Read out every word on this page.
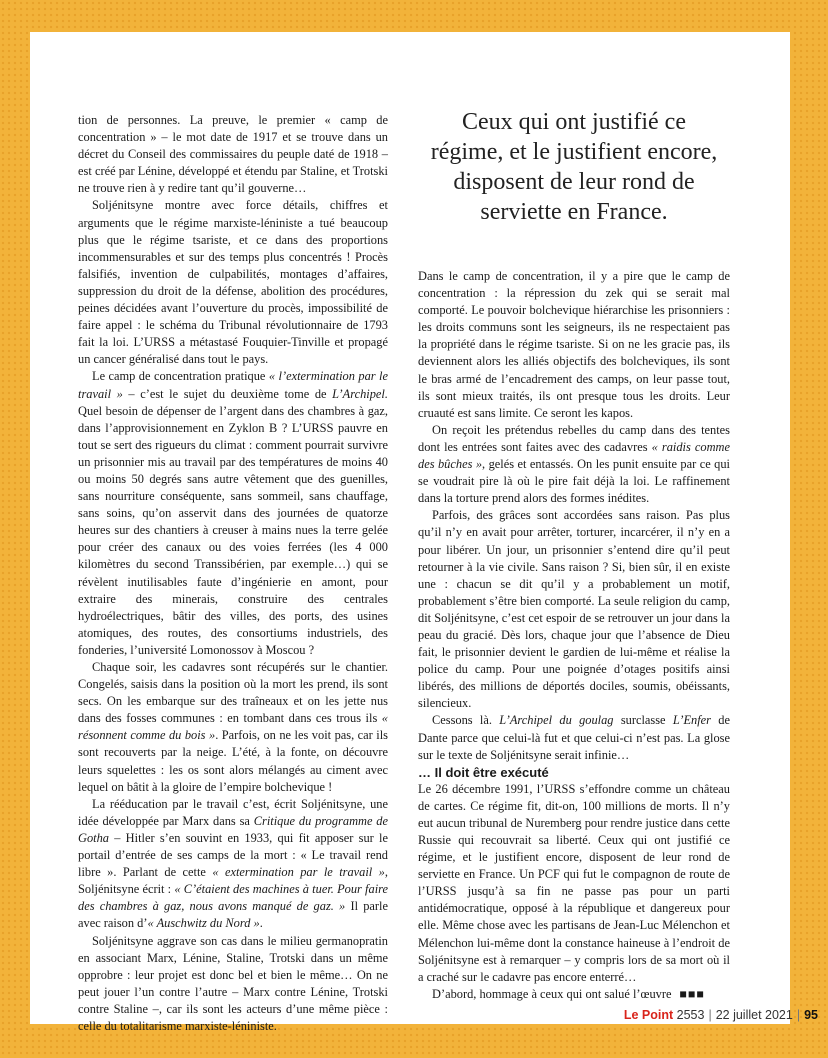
tion de personnes. La preuve, le premier « camp de concentration » – le mot date de 1917 et se trouve dans un décret du Conseil des commissaires du peuple daté de 1918 – est créé par Lénine, développé et étendu par Staline, et Trotski ne trouve rien à y redire tant qu’il gouverne…

Soljénitsyne montre avec force détails, chiffres et arguments que le régime marxiste-léniniste a tué beaucoup plus que le régime tsariste, et ce dans des proportions incommensurables et sur des temps plus concentrés ! Procès falsifiés, invention de culpabilités, montages d’affaires, suppression du droit de la défense, abolition des procédures, peines décidées avant l’ouverture du procès, impossibilité de faire appel : le schéma du Tribunal révolutionnaire de 1793 fait la loi. L’URSS a métastasé Fouquier-Tinville et propagé un cancer généralisé dans tout le pays.

Le camp de concentration pratique « l’extermination par le travail » – c’est le sujet du deuxième tome de L’Archipel. Quel besoin de dépenser de l’argent dans des chambres à gaz, dans l’approvisionnement en Zyklon B ? L’URSS pauvre en tout se sert des rigueurs du climat : comment pourrait survivre un prisonnier mis au travail par des températures de moins 40 ou moins 50 degrés sans autre vêtement que des guenilles, sans nourriture conséquente, sans sommeil, sans chauffage, sans soins, qu’on asservit dans des journées de quatorze heures sur des chantiers à creuser à mains nues la terre gelée pour créer des canaux ou des voies ferrées (les 4 000 kilomètres du second Transsibérien, par exemple…) qui se révèlent inutilisables faute d’ingénierie en amont, pour extraire des minerais, construire des centrales hydroélectriques, bâtir des villes, des ports, des usines atomiques, des routes, des consortiums industriels, des fonderies, l’université Lomonossov à Moscou ?

Chaque soir, les cadavres sont récupérés sur le chantier. Congelés, saisis dans la position où la mort les prend, ils sont secs. On les embarque sur des traîneaux et on les jette nus dans des fosses communes : en tombant dans ces trous ils « résonnent comme du bois ». Parfois, on ne les voit pas, car ils sont recouverts par la neige. L’été, à la fonte, on découvre leurs squelettes : les os sont alors mélangés au ciment avec lequel on bâtit à la gloire de l’empire bolchevique !

La rééducation par le travail c’est, écrit Soljénitsyne, une idée développée par Marx dans sa Critique du programme de Gotha – Hitler s’en souvint en 1933, qui fit apposer sur le portail d’entrée de ses camps de la mort : « Le travail rend libre ». Parlant de cette « extermination par le travail », Soljénitsyne écrit : « C’étaient des machines à tuer. Pour faire des chambres à gaz, nous avons manqué de gaz. » Il parle avec raison d’« Auschwitz du Nord ».

Soljénitsyne aggrave son cas dans le milieu germanopratin en associant Marx, Lénine, Staline, Trotski dans un même opprobre : leur projet est donc bel et bien le même… On ne peut jouer l’un contre l’autre – Marx contre Lénine, Trotski contre Staline –, car ils sont les acteurs d’une même pièce : celle du totalitarisme marxiste-léniniste.

Ceux qui ont justifié ce régime, et le justifient encore, disposent de leur rond de serviette en France.

Dans le camp de concentration, il y a pire que le camp de concentration : la répression du zek qui se serait mal comporté. Le pouvoir bolchevique hiérarchise les prisonniers : les droits communs sont les seigneurs, ils ne respectaient pas la propriété dans le régime tsariste. Si on ne les gracie pas, ils deviennent alors les alliés objectifs des bolcheviques, ils sont le bras armé de l’encadrement des camps, on leur passe tout, ils sont mieux traités, ils ont presque tous les droits. Leur cruauté est sans limite. Ce seront les kapos.

On reçoit les prétendus rebelles du camp dans des tentes dont les entrées sont faites avec des cadavres « raidis comme des bûches », gelés et entassés. On les punit ensuite par ce qui se voudrait pire là où le pire fait déjà la loi. Le raffinement dans la torture prend alors des formes inédites.

Parfois, des grâces sont accordées sans raison. Pas plus qu’il n’y en avait pour arrêter, torturer, incarcérer, il n’y en a pour libérer. Un jour, un prisonnier s’entend dire qu’il peut retourner à la vie civile. Sans raison ? Si, bien sûr, il en existe une : chacun se dit qu’il y a probablement un motif, probablement s’être bien comporté. La seule religion du camp, dit Soljénitsyne, c’est cet espoir de se retrouver un jour dans la peau du gracié. Dès lors, chaque jour que l’absence de Dieu fait, le prisonnier devient le gardien de lui-même et réalise la police du camp. Pour une poignée d’otages positifs ainsi libérés, des millions de déportés dociles, soumis, obéissants, silencieux.

Cessons là. L’Archipel du goulag surclasse L’Enfer de Dante parce que celui-là fut et que celui-ci n’est pas. La glose sur le texte de Soljénitsyne serait infinie…

… Il doit être exécuté

Le 26 décembre 1991, l’URSS s’effondre comme un château de cartes. Ce régime fit, dit-on, 100 millions de morts. Il n’y eut aucun tribunal de Nuremberg pour rendre justice dans cette Russie qui recouvrait sa liberté. Ceux qui ont justifié ce régime, et le justifient encore, disposent de leur rond de serviette en France. Un PCF qui fut le compagnon de route de l’URSS jusqu’à sa fin ne passe pas pour un parti antidémocratique, opposé à la république et dangereux pour elle. Même chose avec les partisans de Jean-Luc Mélenchon et Mélenchon lui-même dont la constance haineuse à l’endroit de Soljénitsyne est à remarquer – y compris lors de sa mort où il a craché sur le cadavre pas encore enterré…

D’abord, hommage à ceux qui ont salué l’œuvre ■■■

Le Point 2553 | 22 juillet 2021 | 95
